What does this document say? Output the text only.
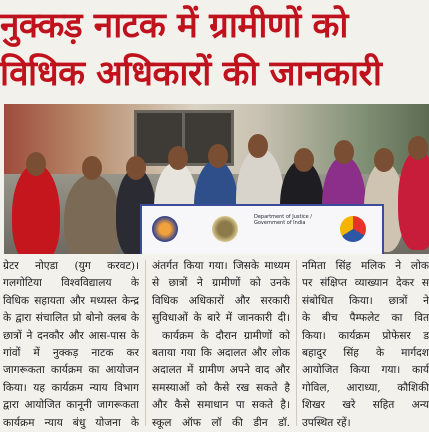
नुक्कड़ नाटक में ग्रामीणों को
विधिक अधिकारों की जानकारी
Department of Justice / Government of India
ग्रेटर नोएडा (युग करवट)।
गलगोटिया विश्वविद्यालय के
विधिक सहायता और मध्यस्त केन्द्र
के द्वारा संचालित प्रो बोनो क्लब के
छात्रों ने दनकौर और आस-पास के
गांवों में नुक्कड़ नाटक कर
जागरूकता कार्यक्रम का आयोजन
किया। यह कार्यक्रम न्याय विभाग
द्वारा आयोजित कानूनी जागरूकता
कार्यक्रम न्याय बंधु योजना के
अंतर्गत किया गया। जिसके माध्यम
से छात्रों ने ग्रामीणों को उनके
विधिक अधिकारों और सरकारी
सुविधाओं के बारे में जानकारी दी।
कार्यक्रम के दौरान ग्रामीणों को
बताया गया कि अदालत और लोक
अदालत में ग्रामीण अपने वाद और
समस्याओं को कैसे रख सकते है
और कैसे समाधान पा सकते है।
स्कूल ऑफ लॉ की डीन डॉ.
नमिता सिंह मलिक ने लोक
पर संक्षिप्त व्याख्यान देकर स
संबोधित किया। छात्रों ने
के बीच पैम्फलेट का वित
किया। कार्यक्रम प्रोफेसर ड
बहादुर सिंह के मार्गदश
आयोजित किया गया। कार्य
गोविल, आराध्या, कौशिकी
शिखर खरे सहित अन्य
उपस्थित रहें।
